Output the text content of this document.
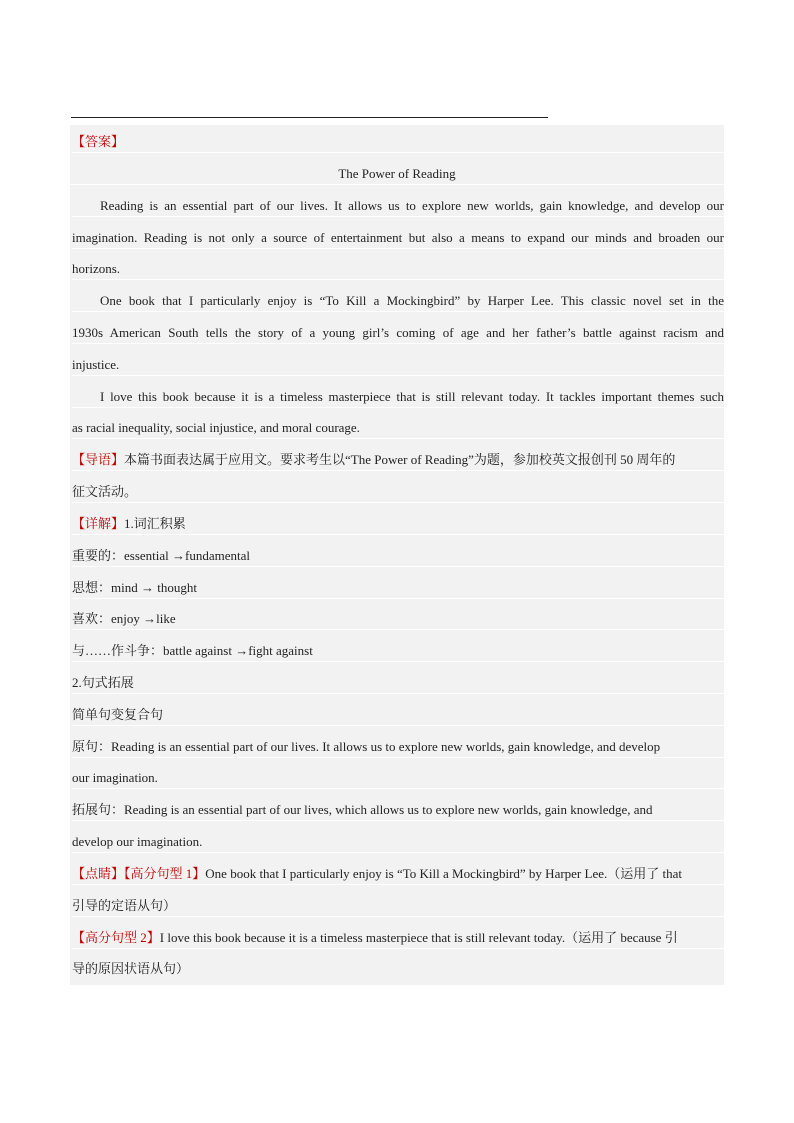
【答案】
The Power of Reading
Reading is an essential part of our lives. It allows us to explore new worlds, gain knowledge, and develop our
imagination. Reading is not only a source of entertainment but also a means to expand our minds and broaden our
horizons.
One book that I particularly enjoy is “To Kill a Mockingbird” by Harper Lee. This classic novel set in the
1930s American South tells the story of a young girl’s coming of age and her father’s battle against racism and
injustice.
I love this book because it is a timeless masterpiece that is still relevant today. It tackles important themes such
as racial inequality, social injustice, and moral courage.
【导语】本篇书面表达属于应用文。要求考生以“The Power of Reading”为题，参加校英文报创刊 50 周年的
征文活动。
【详解】1.词汇积累
重要的：essential →fundamental
思想：mind → thought
喜欢：enjoy →like
与……作斗争：battle against →fight against
2.句式拓展
简单句变复合句
原句：Reading is an essential part of our lives. It allows us to explore new worlds, gain knowledge, and develop
our imagination.
拓展句：Reading is an essential part of our lives, which allows us to explore new worlds, gain knowledge, and
develop our imagination.
【点睛】【高分句型 1】One book that I particularly enjoy is “To Kill a Mockingbird” by Harper Lee.（运用了 that
引导的定语从句）
【高分句型 2】I love this book because it is a timeless masterpiece that is still relevant today.（运用了 because 引
导的原因状语从句）
